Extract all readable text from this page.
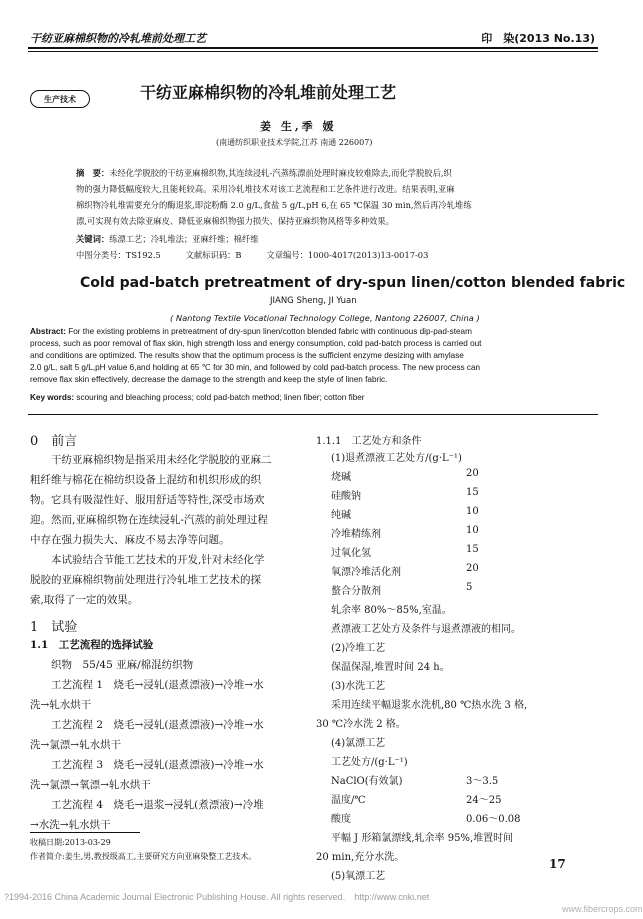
干纺亚麻棉织物的冷轧堆前处理工艺	印　染(2013 No.13)
生产技术	干纺亚麻棉织物的冷轧堆前处理工艺
姜 生,季 媛
(南通纺织职业技术学院,江苏 南通 226007)
摘　要：未经化学脱胶的干纺亚麻棉织物,其连续浸轧-汽蒸练漂前处理时麻皮较难除去,而化学脱胶后,织
物的强力降低幅度较大,且能耗较高。采用冷轧堆技术对该工艺流程和工艺条件进行改进。结果表明,亚麻
棉织物冷轧堆需要充分的酶退浆,即淀粉酶 2.0 g/L,食盐 5 g/L,pH 6,在 65 ℃保温 30 min,然后再冷轧堆练
漂,可实现有效去除亚麻皮、降低亚麻棉织物强力损失、保持亚麻织物风格等多种效果。
关键词：练漂工艺；冷轧堆法；亚麻纤维；棉纤维
中图分类号：TS192.5　　　文献标识码：B　　　文章编号：1000-4017(2013)13-0017-03
Cold pad-batch pretreatment of dry-spun linen/cotton blended fabric
JIANG Sheng, JI Yuan
( Nantong Textile Vocational Technology College, Nantong 226007, China )
Abstract: For the existing problems in pretreatment of dry-spun linen/cotton blended fabric with continuous dip-pad-steam
process, such as poor removal of flax skin, high strength loss and energy consumption, cold pad-batch process is carried out
and conditions are optimized. The results show that the optimum process is the sufficient enzyme desizing with amylase
2.0 g/L, salt 5 g/L,pH value 6,and holding at 65 ℃ for 30 min, and followed by cold pad-batch process. The new process can
remove flax skin effectively, decrease the damage to the strength and keep the style of linen fabric.
Key words: scouring and bleaching process; cold pad-batch method; linen fiber; cotton fiber
0　前言
干纺亚麻棉织物是指采用未经化学脱胶的亚麻二
粗纤维与棉花在棉纺织设备上混纺和机织形成的织
物。它具有吸湿性好、服用舒适等特性,深受市场欢
迎。然而,亚麻棉织物在连续浸轧-汽蒸的前处理过程
中存在强力损失大、麻皮不易去净等问题。
本试验结合节能工艺技术的开发,针对未经化学
脱胶的亚麻棉织物前处理进行冷轧堆工艺技术的探
索,取得了一定的效果。
1　试验
1.1　工艺流程的选择试验
织物　55/45 亚麻/棉混纺织物
工艺流程 1　烧毛→浸轧(退煮漂液)→冷堆→水
洗→轧水烘干
工艺流程 2　烧毛→浸轧(退煮漂液)→冷堆→水
洗→氯漂→轧水烘干
工艺流程 3　烧毛→浸轧(退煮漂液)→冷堆→水
洗→氯漂→氧漂→轧水烘干
工艺流程 4　烧毛→退浆→浸轧(煮漂液)→冷堆
→水洗→轧水烘干
收稿日期:2013-03-29
作者简介:姜生,男,教授级高工,主要研究方向亚麻染整工艺技术。
1.1.1　工艺处方和条件
(1)退煮漂液工艺处方/(g·L⁻¹)
烧碱	20
硅酸钠	15
纯碱	10
冷堆精练剂	10
过氧化氢	15
氧漂冷堆活化剂	20
螯合分散剂	5
轧余率 80%～85%,室温。
煮漂液工艺处方及条件与退煮漂液的相同。
(2)冷堆工艺
保温保湿,堆置时间 24 h。
(3)水洗工艺
采用连续平幅退浆水洗机,80 ℃热水洗 3 格,
30 ℃冷水洗 2 格。
(4)氯漂工艺
工艺处方/(g·L⁻¹)
NaClO(有效氯)	3～3.5
温度/℃	24～25
酸度	0.06～0.08
平幅 J 形箱氯漂线,轧余率 95%,堆置时间
20 min,充分水洗。
(5)氧漂工艺
17
?1994-2016 China Academic Journal Electronic Publishing House. All rights reserved.　http://www.cnki.net
www.fibercrops.com
